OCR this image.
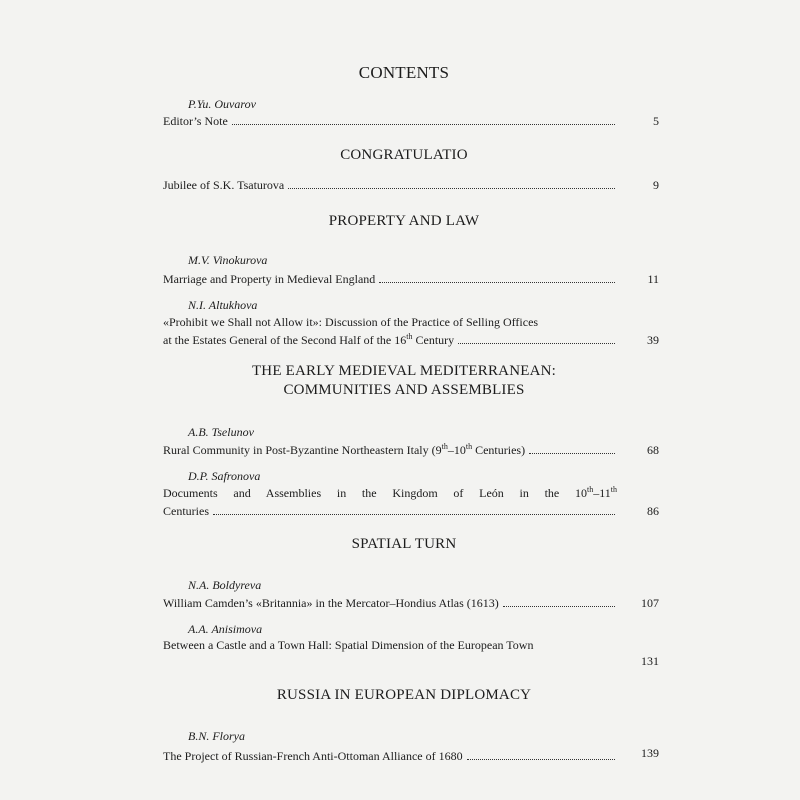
CONTENTS
P.Yu. Ouvarov
Editor’s Note	5
CONGRATULATIO
Jubilee of S.K. Tsaturova	9
PROPERTY AND LAW
M.V. Vinokurova
Marriage and Property in Medieval England	11
N.I. Altukhova
«Prohibit we Shall not Allow it»: Discussion of the Practice of Selling Offices
at the Estates General of the Second Half of the 16th Century	39
THE EARLY MEDIEVAL MEDITERRANEAN:
COMMUNITIES AND ASSEMBLIES
A.B. Tselunov
Rural Community in Post-Byzantine Northeastern Italy (9th–10th Centuries)	68
D.P. Safronova
Documents and Assemblies in the Kingdom of León in the 10th–11th
Centuries	86
SPATIAL TURN
N.A. Boldyreva
William Camden’s «Britannia» in the Mercator–Hondius Atlas (1613)	107
A.A. Anisimova
Between a Castle and a Town Hall: Spatial Dimension of the European Town
131
RUSSIA IN EUROPEAN DIPLOMACY
B.N. Florya
The Project of Russian-French Anti-Ottoman Alliance of 1680	139
